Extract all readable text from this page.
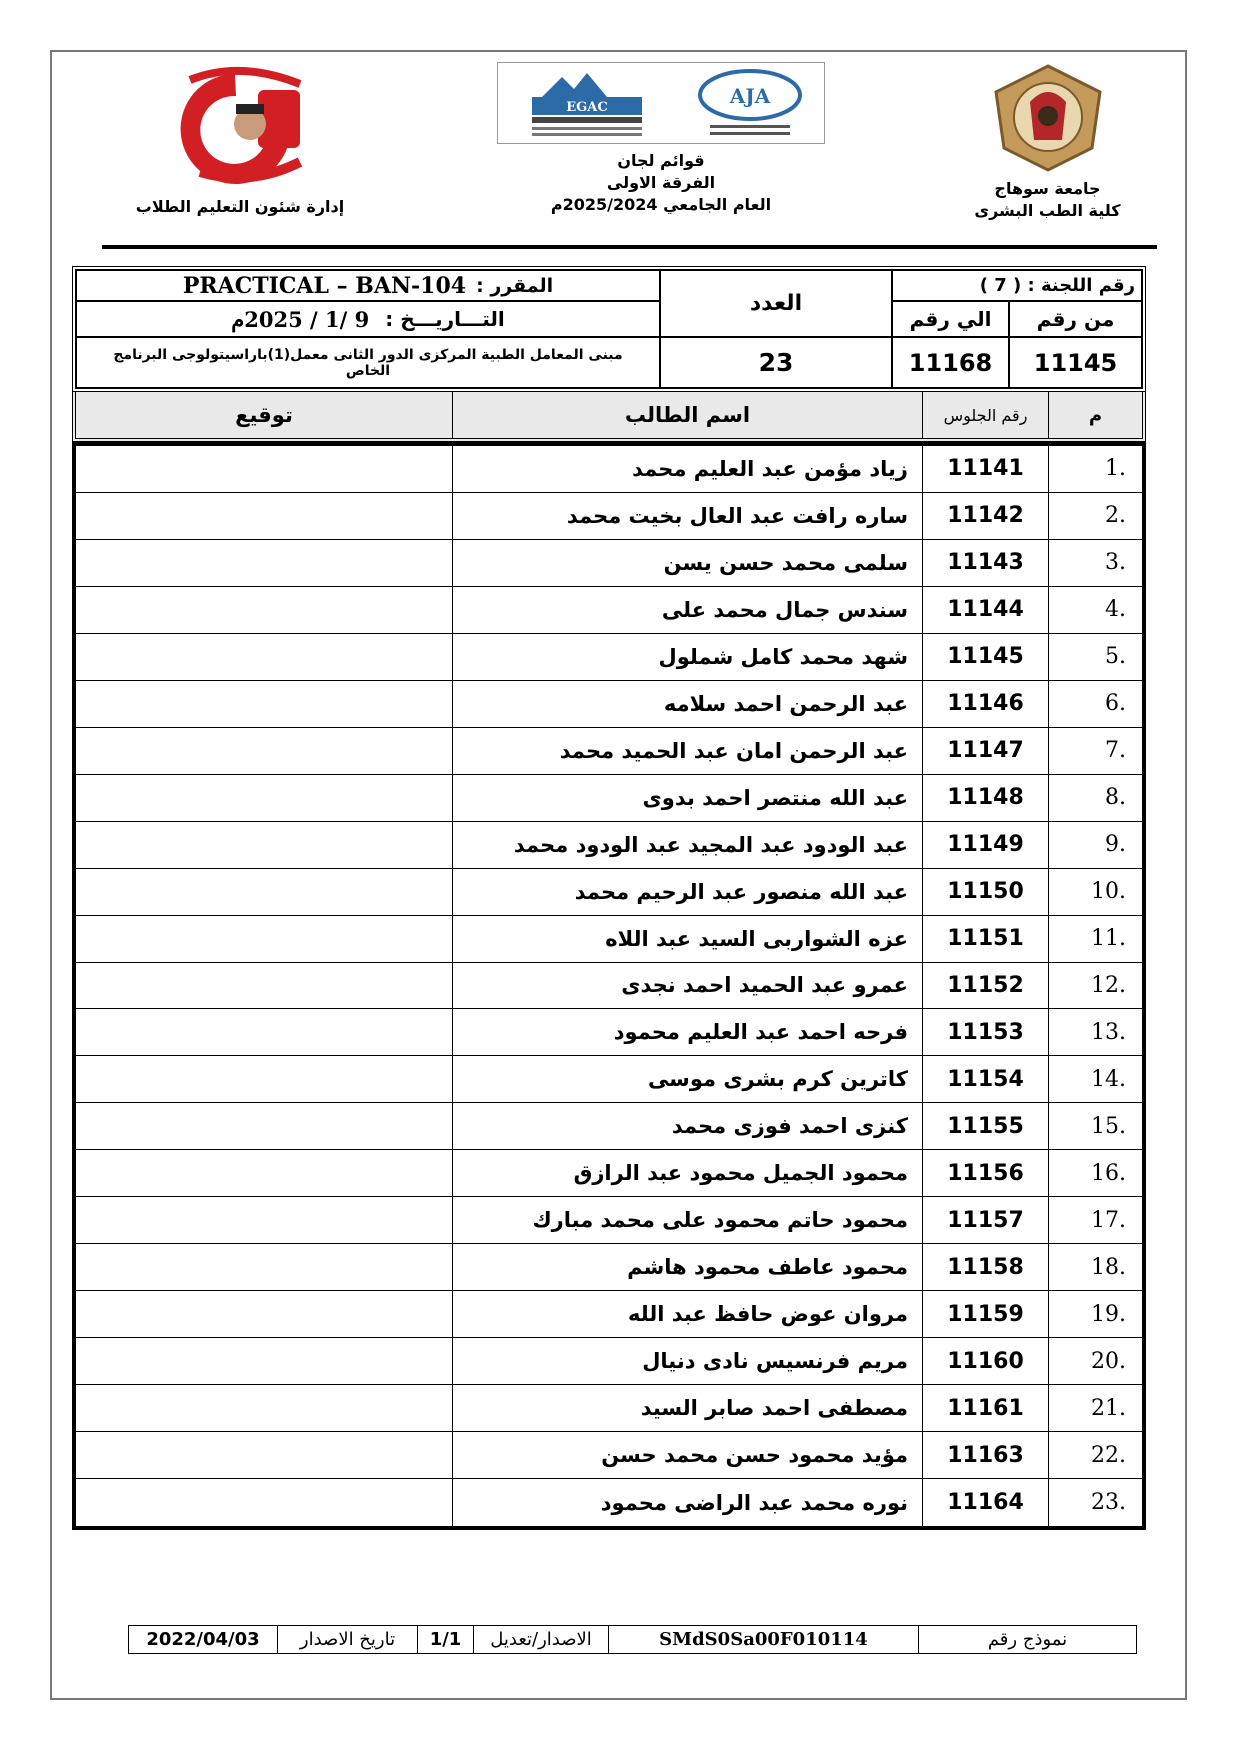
إدارة شئون التعليم الطلاب
EGAC	AJA
قوائم لجان
الفرقة الاولى
العام الجامعي 2025/2024م
جامعة سوهاج
كلية الطب البشرى
PRACTICAL – BAN-104 المقرر :
9 /1 / 2025م التـــاريـــخ :
مبنى المعامل الطبية المركزى الدور الثانى معمل(1)باراسيتولوجى البرنامج الخاص
العدد
23
رقم اللجنة : ( 7 )
الي رقم	من رقم
11168	11145
توقيع	اسم الطالب	رقم الجلوس	م
زياد مؤمن عبد العليم محمد	11141	1.
ساره رافت عبد العال بخيت محمد	11142	2.
سلمى محمد حسن يسن	11143	3.
سندس جمال محمد على	11144	4.
شهد محمد كامل شملول	11145	5.
عبد الرحمن احمد سلامه	11146	6.
عبد الرحمن امان عبد الحميد محمد	11147	7.
عبد الله منتصر احمد بدوى	11148	8.
عبد الودود عبد المجيد عبد الودود محمد	11149	9.
عبد الله منصور عبد الرحيم محمد	11150	10.
عزه الشواربى السيد عبد اللاه	11151	11.
عمرو عبد الحميد احمد نجدى	11152	12.
فرحه احمد عبد العليم محمود	11153	13.
كاترين كرم بشرى موسى	11154	14.
كنزى احمد فوزى محمد	11155	15.
محمود الجميل محمود عبد الرازق	11156	16.
محمود حاتم محمود على محمد مبارك	11157	17.
محمود عاطف محمود هاشم	11158	18.
مروان عوض حافظ عبد الله	11159	19.
مريم فرنسيس نادى دنيال	11160	20.
مصطفى احمد صابر السيد	11161	21.
مؤيد محمود حسن محمد حسن	11163	22.
نوره محمد عبد الراضى محمود	11164	23.
2022/04/03	تاريخ الاصدار	1/1	الاصدار/تعديل	SMdS0Sa00F010114	نموذج رقم
